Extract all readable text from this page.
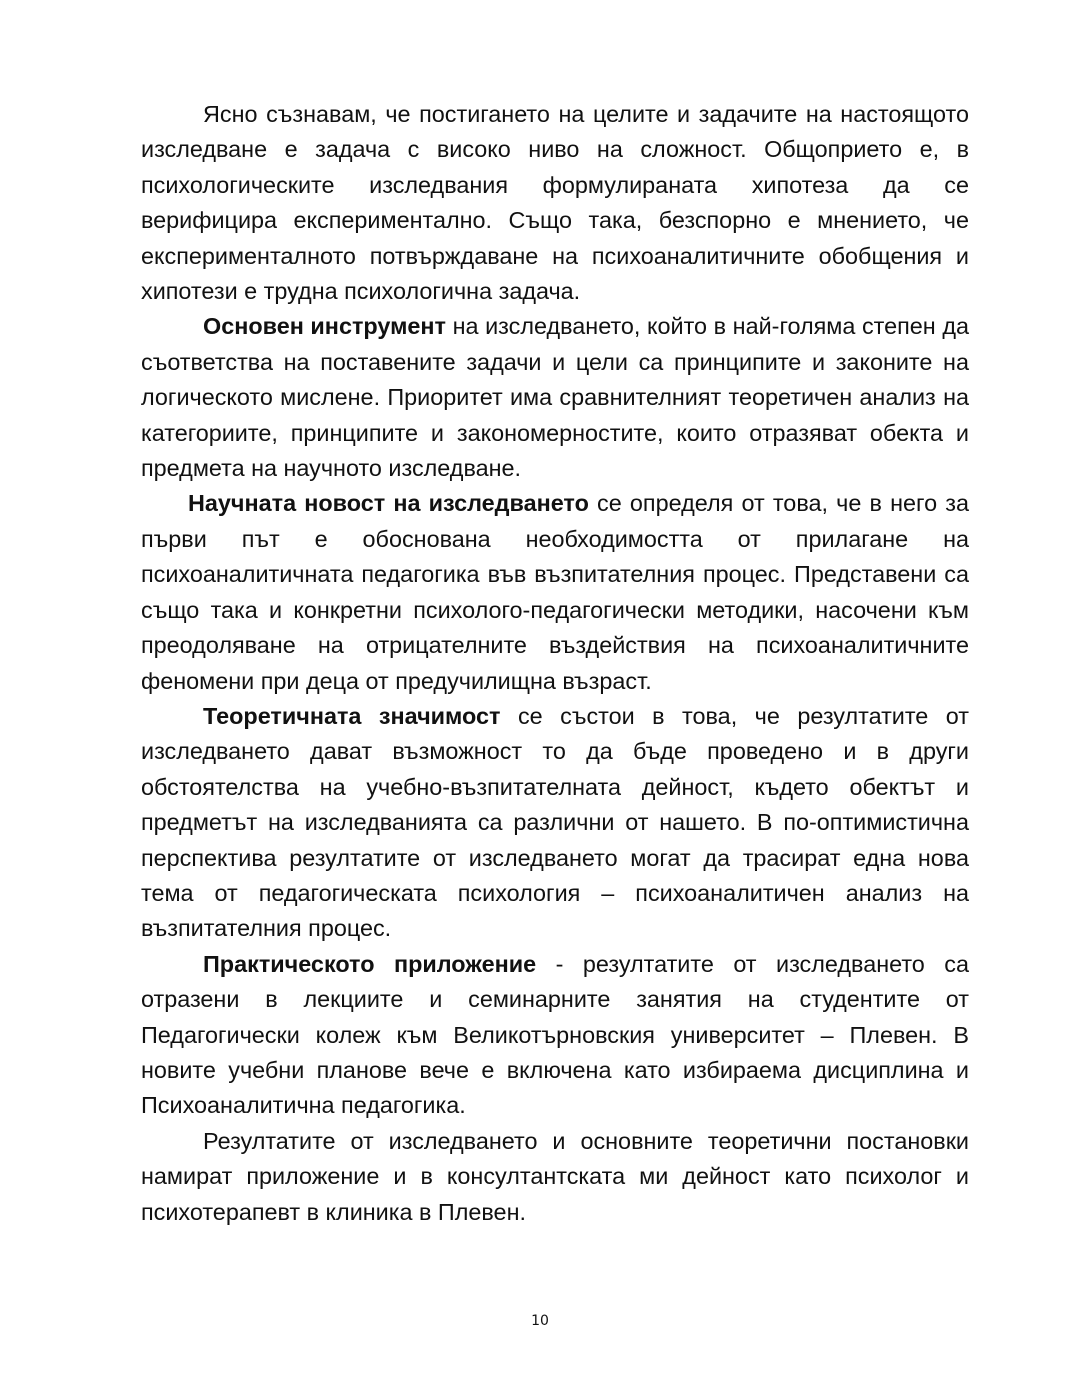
Ясно съзнавам, че постигането на целите и задачите на настоящото изследване е задача с високо ниво на сложност. Общоприето е, в психологическите изследвания формулираната хипотеза да се верифицира експериментално. Също така, безспорно е мнението, че експерименталното потвърждаване на психоаналитичните обобщения и хипотези е трудна психологична задача.

Основен инструмент на изследването, който в най-голяма степен да съответства на поставените задачи и цели са принципите и законите на логическото мислене. Приоритет има сравнителният теоретичен анализ на категориите, принципите и закономерностите, които отразяват обекта и предмета на научното изследване.

Научната новост на изследването се определя от това, че в него за първи път е обоснована необходимостта от прилагане на психоаналитичната педагогика във възпитателния процес. Представени са също така и конкретни психолого-педагогически методики, насочени към преодоляване на отрицателните въздействия на психоаналитичните феномени при деца от предучилищна възраст.

Теоретичната значимост се състои в това, че резултатите от изследването дават възможност то да бъде проведено и в други обстоятелства на учебно-възпитателната дейност, където обектът и предметът на изследванията са различни от нашето. В по-оптимистична перспектива резултатите от изследването могат да трасират една нова тема от педагогическата психология – психоаналитичен анализ на възпитателния процес.

Практическото приложение - резултатите от изследването са отразени в лекциите и семинарните занятия на студентите от Педагогически колеж към Великотърновския университет – Плевен. В новите учебни планове вече е включена като избираема дисциплина и Психоаналитична педагогика.

Резултатите от изследването и основните теоретични постановки намират приложение и в консултантската ми дейност като психолог и психотерапевт в клиника в Плевен.

10
